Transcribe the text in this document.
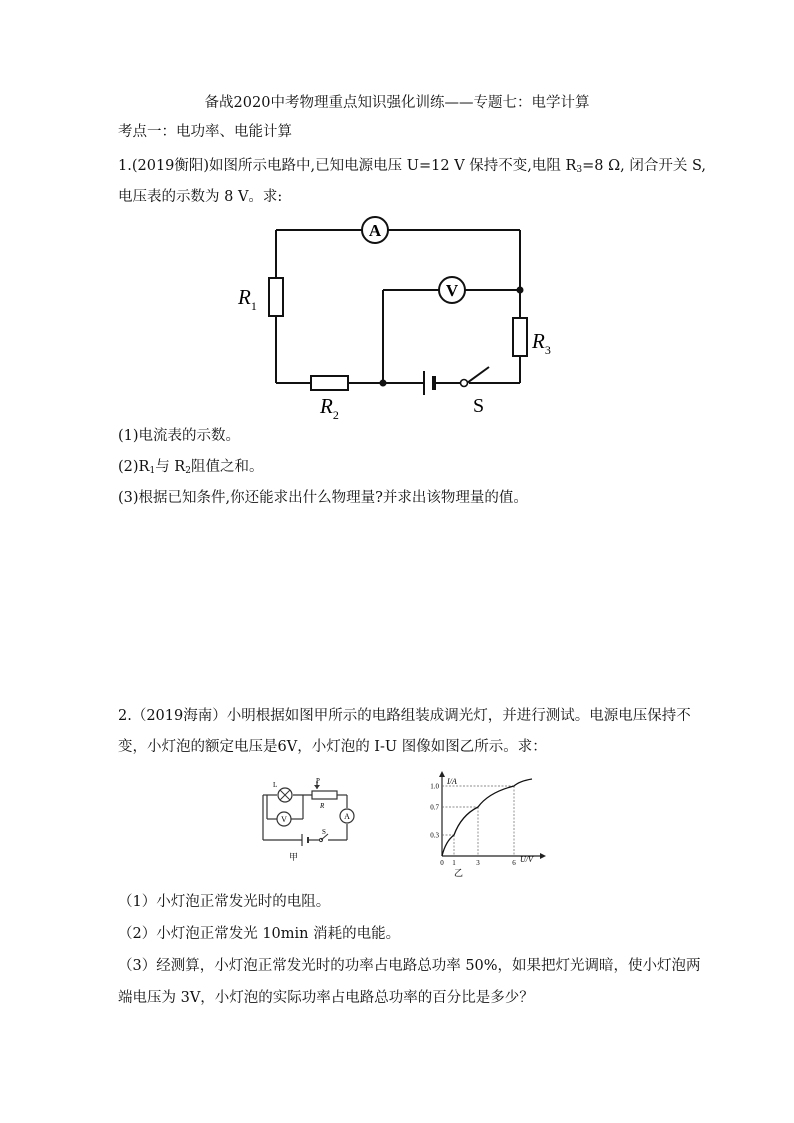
备战2020中考物理重点知识强化训练——专题七：电学计算
考点一：电功率、电能计算
1.(2019衡阳)如图所示电路中,已知电源电压 U=12 V 保持不变,电阻 $R_3=8$ Ω, 闭合开关 S,
电压表的示数为 8 V。求:
A
V
$R_1$
$R_2$
$R_3$
S
(1)电流表的示数。
$(2)R_1$与 $R_2$阻值之和。
(3)根据已知条件,你还能求出什么物理量?并求出该物理量的值。
2.（2019海南）小明根据如图甲所示的电路组装成调光灯，并进行测试。电源电压保持不
变，小灯泡的额定电压是6V，小灯泡的 I-U 图像如图乙所示。求：
L	P
R
V	A
S
甲
0 1	3	6
0.3
0.7
1.0
I/A
U/V
乙
（1）小灯泡正常发光时的电阻。
（2）小灯泡正常发光 10min 消耗的电能。
（3）经测算，小灯泡正常发光时的功率占电路总功率 50%，如果把灯光调暗，使小灯泡两
端电压为 3V，小灯泡的实际功率占电路总功率的百分比是多少？
